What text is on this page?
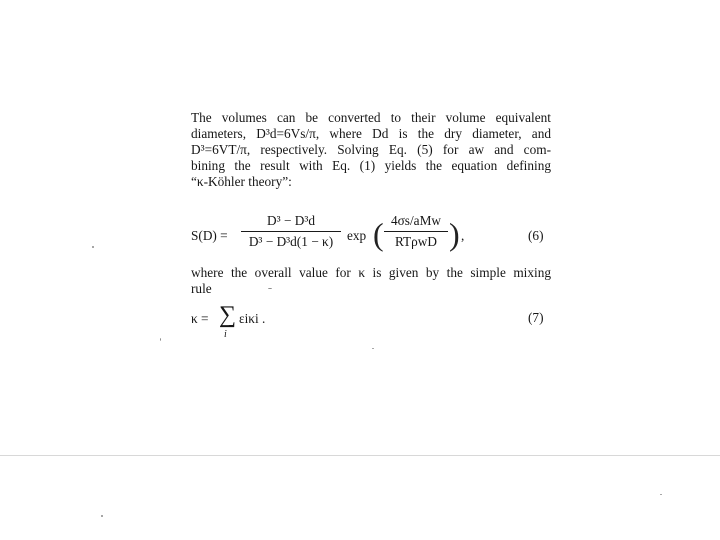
The volumes can be converted to their volume equivalent

diameters, D³d=6Vs/π, where Dd is the dry diameter, and

D³=6VT/π, respectively. Solving Eq. (5) for aw and com-

bining the result with Eq. (1) yields the equation defining

“κ-Köhler theory”:

S(D) =
D³ − D³d
D³ − D³d(1 − κ)	exp ( 4σs/aMw
RTρwD ) ,	(6)

where the overall value for κ is given by the simple mixing

rule

κ = ∑
i
εiκi .	(7)
